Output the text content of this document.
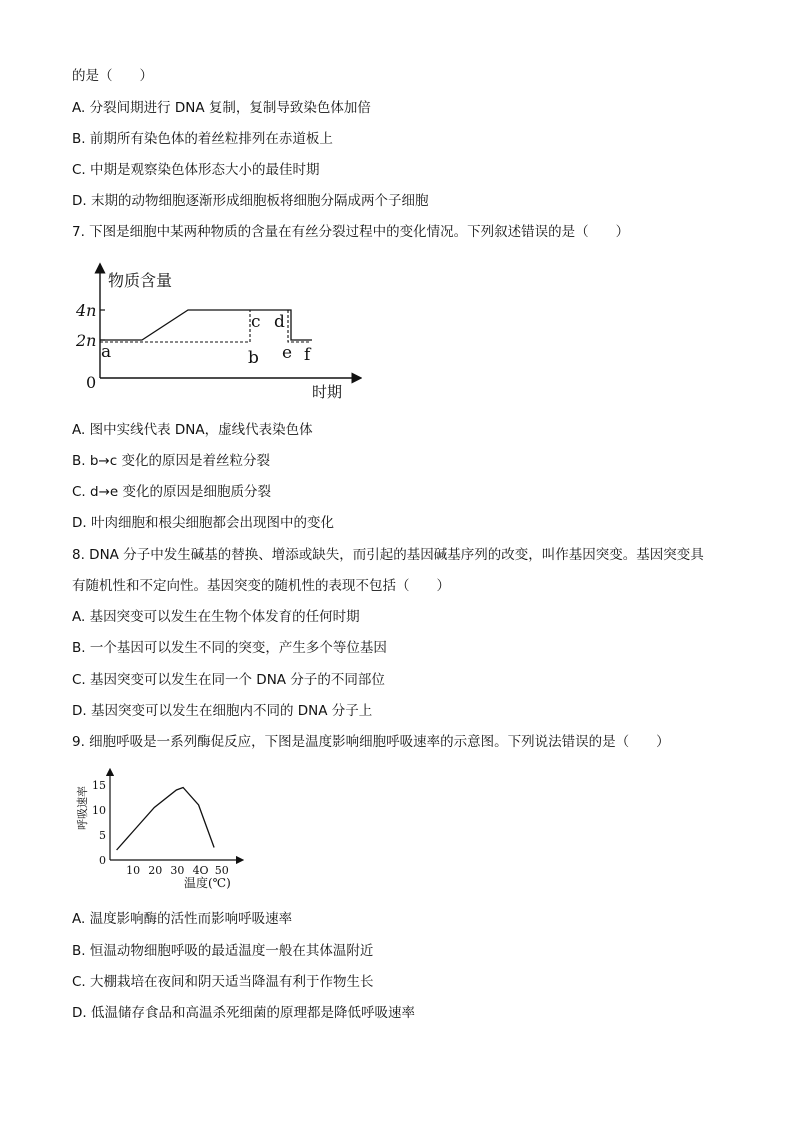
的是（　　）
A. 分裂间期进行 DNA 复制，复制导致染色体加倍
B. 前期所有染色体的着丝粒排列在赤道板上
C. 中期是观察染色体形态大小的最佳时期
D. 末期的动物细胞逐渐形成细胞板将细胞分隔成两个子细胞
7. 下图是细胞中某两种物质的含量在有丝分裂过程中的变化情况。下列叙述错误的是（　　）
物质含量
时期
0
4n
2n
a	b
c d
e f
A. 图中实线代表 DNA，虚线代表染色体
B. b→c 变化的原因是着丝粒分裂
C. d→e 变化的原因是细胞质分裂
D. 叶肉细胞和根尖细胞都会出现图中的变化
8. DNA 分子中发生碱基的替换、增添或缺失，而引起的基因碱基序列的改变，叫作基因突变。基因突变具
有随机性和不定向性。基因突变的随机性的表现不包括（　　）
A. 基因突变可以发生在生物个体发育的任何时期
B. 一个基因可以发生不同的突变，产生多个等位基因
C. 基因突变可以发生在同一个 DNA 分子的不同部位
D. 基因突变可以发生在细胞内不同的 DNA 分子上
9. 细胞呼吸是一系列酶促反应，下图是温度影响细胞呼吸速率的示意图。下列说法错误的是（　　）
呼吸速率
温度(℃)
10 20 30 4O 50
0
5
10
15
A. 温度影响酶的活性而影响呼吸速率
B. 恒温动物细胞呼吸的最适温度一般在其体温附近
C. 大棚栽培在夜间和阴天适当降温有利于作物生长
D. 低温储存食品和高温杀死细菌的原理都是降低呼吸速率
